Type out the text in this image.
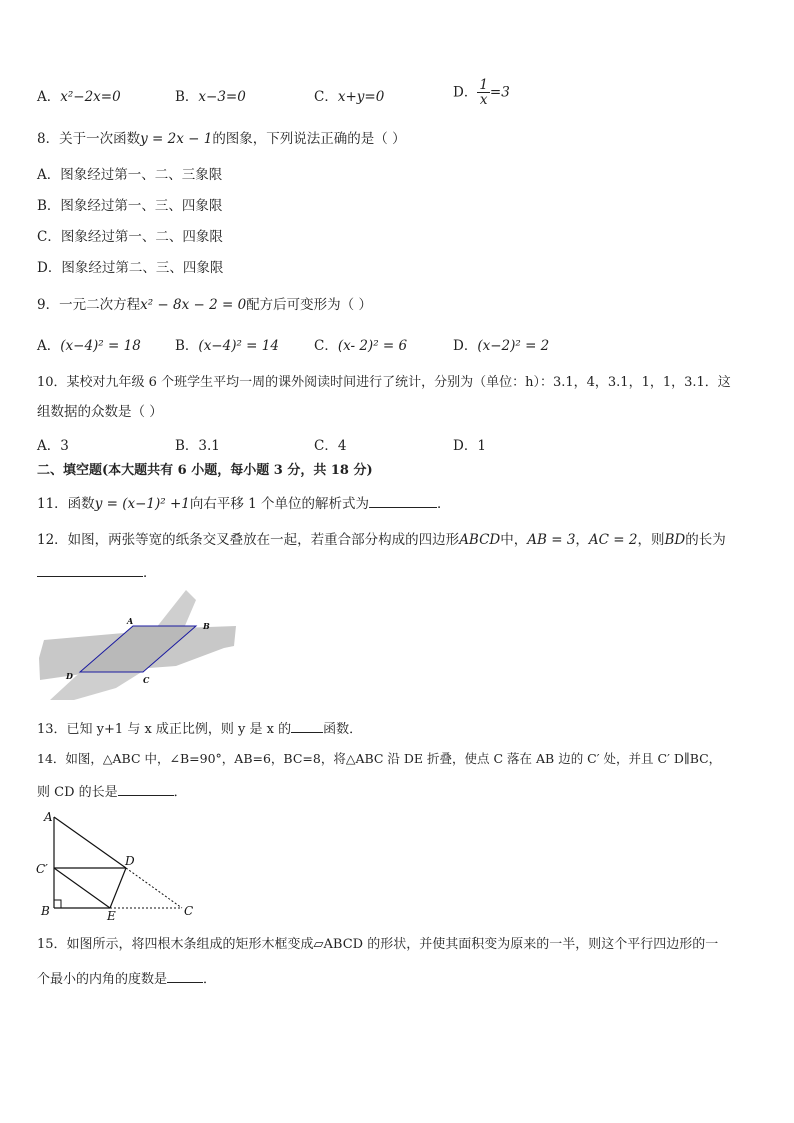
A．x²−2x=0	B．x−3=0	C．x+y=0	D． $\frac{1}{x} =3$
8．关于一次函数y = 2x − 1的图象，下列说法正确的是（ ）
A．图象经过第一、二、三象限
B．图象经过第一、三、四象限
C．图象经过第一、二、四象限
D．图象经过第二、三、四象限
9．一元二次方程x² − 8x − 2 = 0配方后可变形为（ ）
A．(x−4)² = 18	B．(x−4)² = 14	C．(x- 2)² = 6	D．(x−2)² = 2
10．某校对九年级 6 个班学生平均一周的课外阅读时间进行了统计，分别为（单位：h）：3.1，4，3.1，1，1，3.1．这
组数据的众数是（ ）
A．3	B．3.1	C．4	D．1
二、填空题(本大题共有 6 小题，每小题 3 分，共 18 分)
11．函数y = (x−1)² +1向右平移 1 个单位的解析式为	．
12．如图，两张等宽的纸条交叉叠放在一起，若重合部分构成的四边形ABCD中，AB = 3，AC = 2，则BD的长为
．
A	B
C
D
13．已知 y+1 与 x 成正比例，则 y 是 x 的 函数．
14．如图，△ABC 中，∠B=90°，AB=6，BC=8，将△ABC 沿 DE 折叠，使点 C 落在 AB 边的 C′ 处，并且 C′ D∥BC，
则 CD 的长是	．
A
C′
B	E
D
C
15．如图所示，将四根木条组成的矩形木框变成▱ABCD 的形状，并使其面积变为原来的一半，则这个平行四边形的一
个最小的内角的度数是	．
